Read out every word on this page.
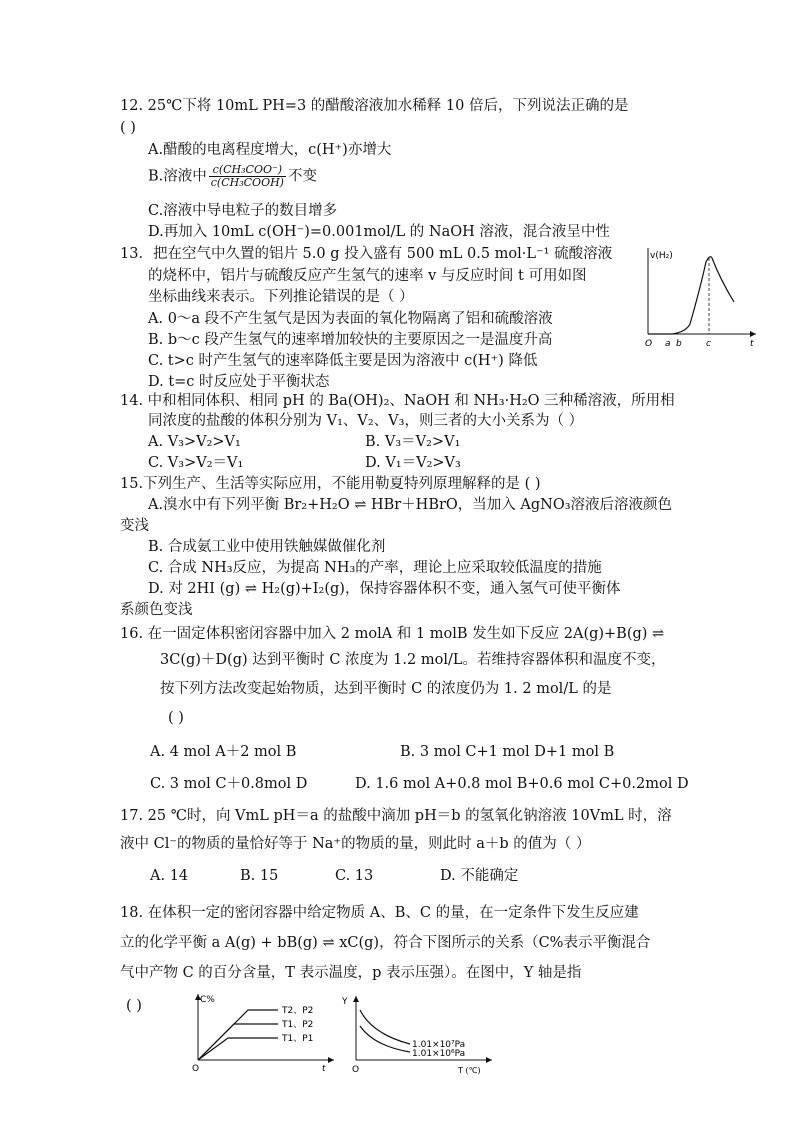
12. 25℃下将 10mL PH=3 的醋酸溶液加水稀释 10 倍后，下列说法正确的是
( )
A.醋酸的电离程度增大，c(H⁺)亦增大
B.溶液中 $\frac{\text{c(CH₃COO⁻)}}{\text{c(CH₃COOH)}}$ 不变
C.溶液中导电粒子的数目增多
D.再加入 10mL c(OH⁻)=0.001mol/L 的 NaOH 溶液，混合液呈中性
13．把在空气中久置的铝片 5.0 g 投入盛有 500 mL 0.5 mol·L⁻¹ 硫酸溶液
的烧杯中，铝片与硫酸反应产生氢气的速率 v 与反应时间 t 可用如图
坐标曲线来表示。下列推论错误的是（ ）
A. 0～a 段不产生氢气是因为表面的氧化物隔离了铝和硫酸溶液
B. b～c 段产生氢气的速率增加较快的主要原因之一是温度升高
C. t>c 时产生氢气的速率降低主要是因为溶液中 c(H⁺) 降低
D. t=c 时反应处于平衡状态
v(H₂)
t
O a b	c
14. 中和相同体积、相同 pH 的 Ba(OH)₂、NaOH 和 NH₃·H₂O 三种稀溶液，所用相
同浓度的盐酸的体积分别为 V₁、V₂、V₃，则三者的大小关系为（ ）
A. V₃>V₂>V₁	B. V₃＝V₂>V₁
C. V₃>V₂＝V₁	D. V₁＝V₂>V₃
15.下列生产、生活等实际应用，不能用勒夏特列原理解释的是 ( )
A.溴水中有下列平衡 Br₂+H₂O ⇌ HBr＋HBrO，当加入 AgNO₃溶液后溶液颜色
变浅
B. 合成氨工业中使用铁触媒做催化剂
C. 合成 NH₃反应，为提高 NH₃的产率，理论上应采取较低温度的措施
D. 对 2HI (g) ⇌ H₂(g)+I₂(g)，保持容器体积不变，通入氢气可使平衡体
系颜色变浅
16. 在一固定体积密闭容器中加入 2 molA 和 1 molB 发生如下反应 2A(g)+B(g) ⇌
3C(g)＋D(g) 达到平衡时 C 浓度为 1.2 mol/L。若维持容器体积和温度不变，
按下列方法改变起始物质，达到平衡时 C 的浓度仍为 1. 2 mol/L 的是
( )
A. 4 mol A＋2 mol B	B. 3 mol C+1 mol D+1 mol B
C. 3 mol C＋0.8mol D	D. 1.6 mol A+0.8 mol B+0.6 mol C+0.2mol D
17. 25 ℃时，向 VmL pH＝a 的盐酸中滴加 pH＝b 的氢氧化钠溶液 10VmL 时，溶
液中 Cl⁻的物质的量恰好等于 Na⁺的物质的量，则此时 a＋b 的值为（ ）
A. 14	B. 15	C. 13	D. 不能确定
18. 在体积一定的密闭容器中给定物质 A、B、C 的量，在一定条件下发生反应建
立的化学平衡 a A(g) + bB(g) ⇌ xC(g)，符合下图所示的关系（C%表示平衡混合
气中产物 C 的百分含量，T 表示温度，p 表示压强）。在图中，Y 轴是指
( )	C%
T2、P2
T1、P2
T1、P1
O	t
Y
1.01×10⁷Pa
1.01×10⁶Pa
O	T (℃)
